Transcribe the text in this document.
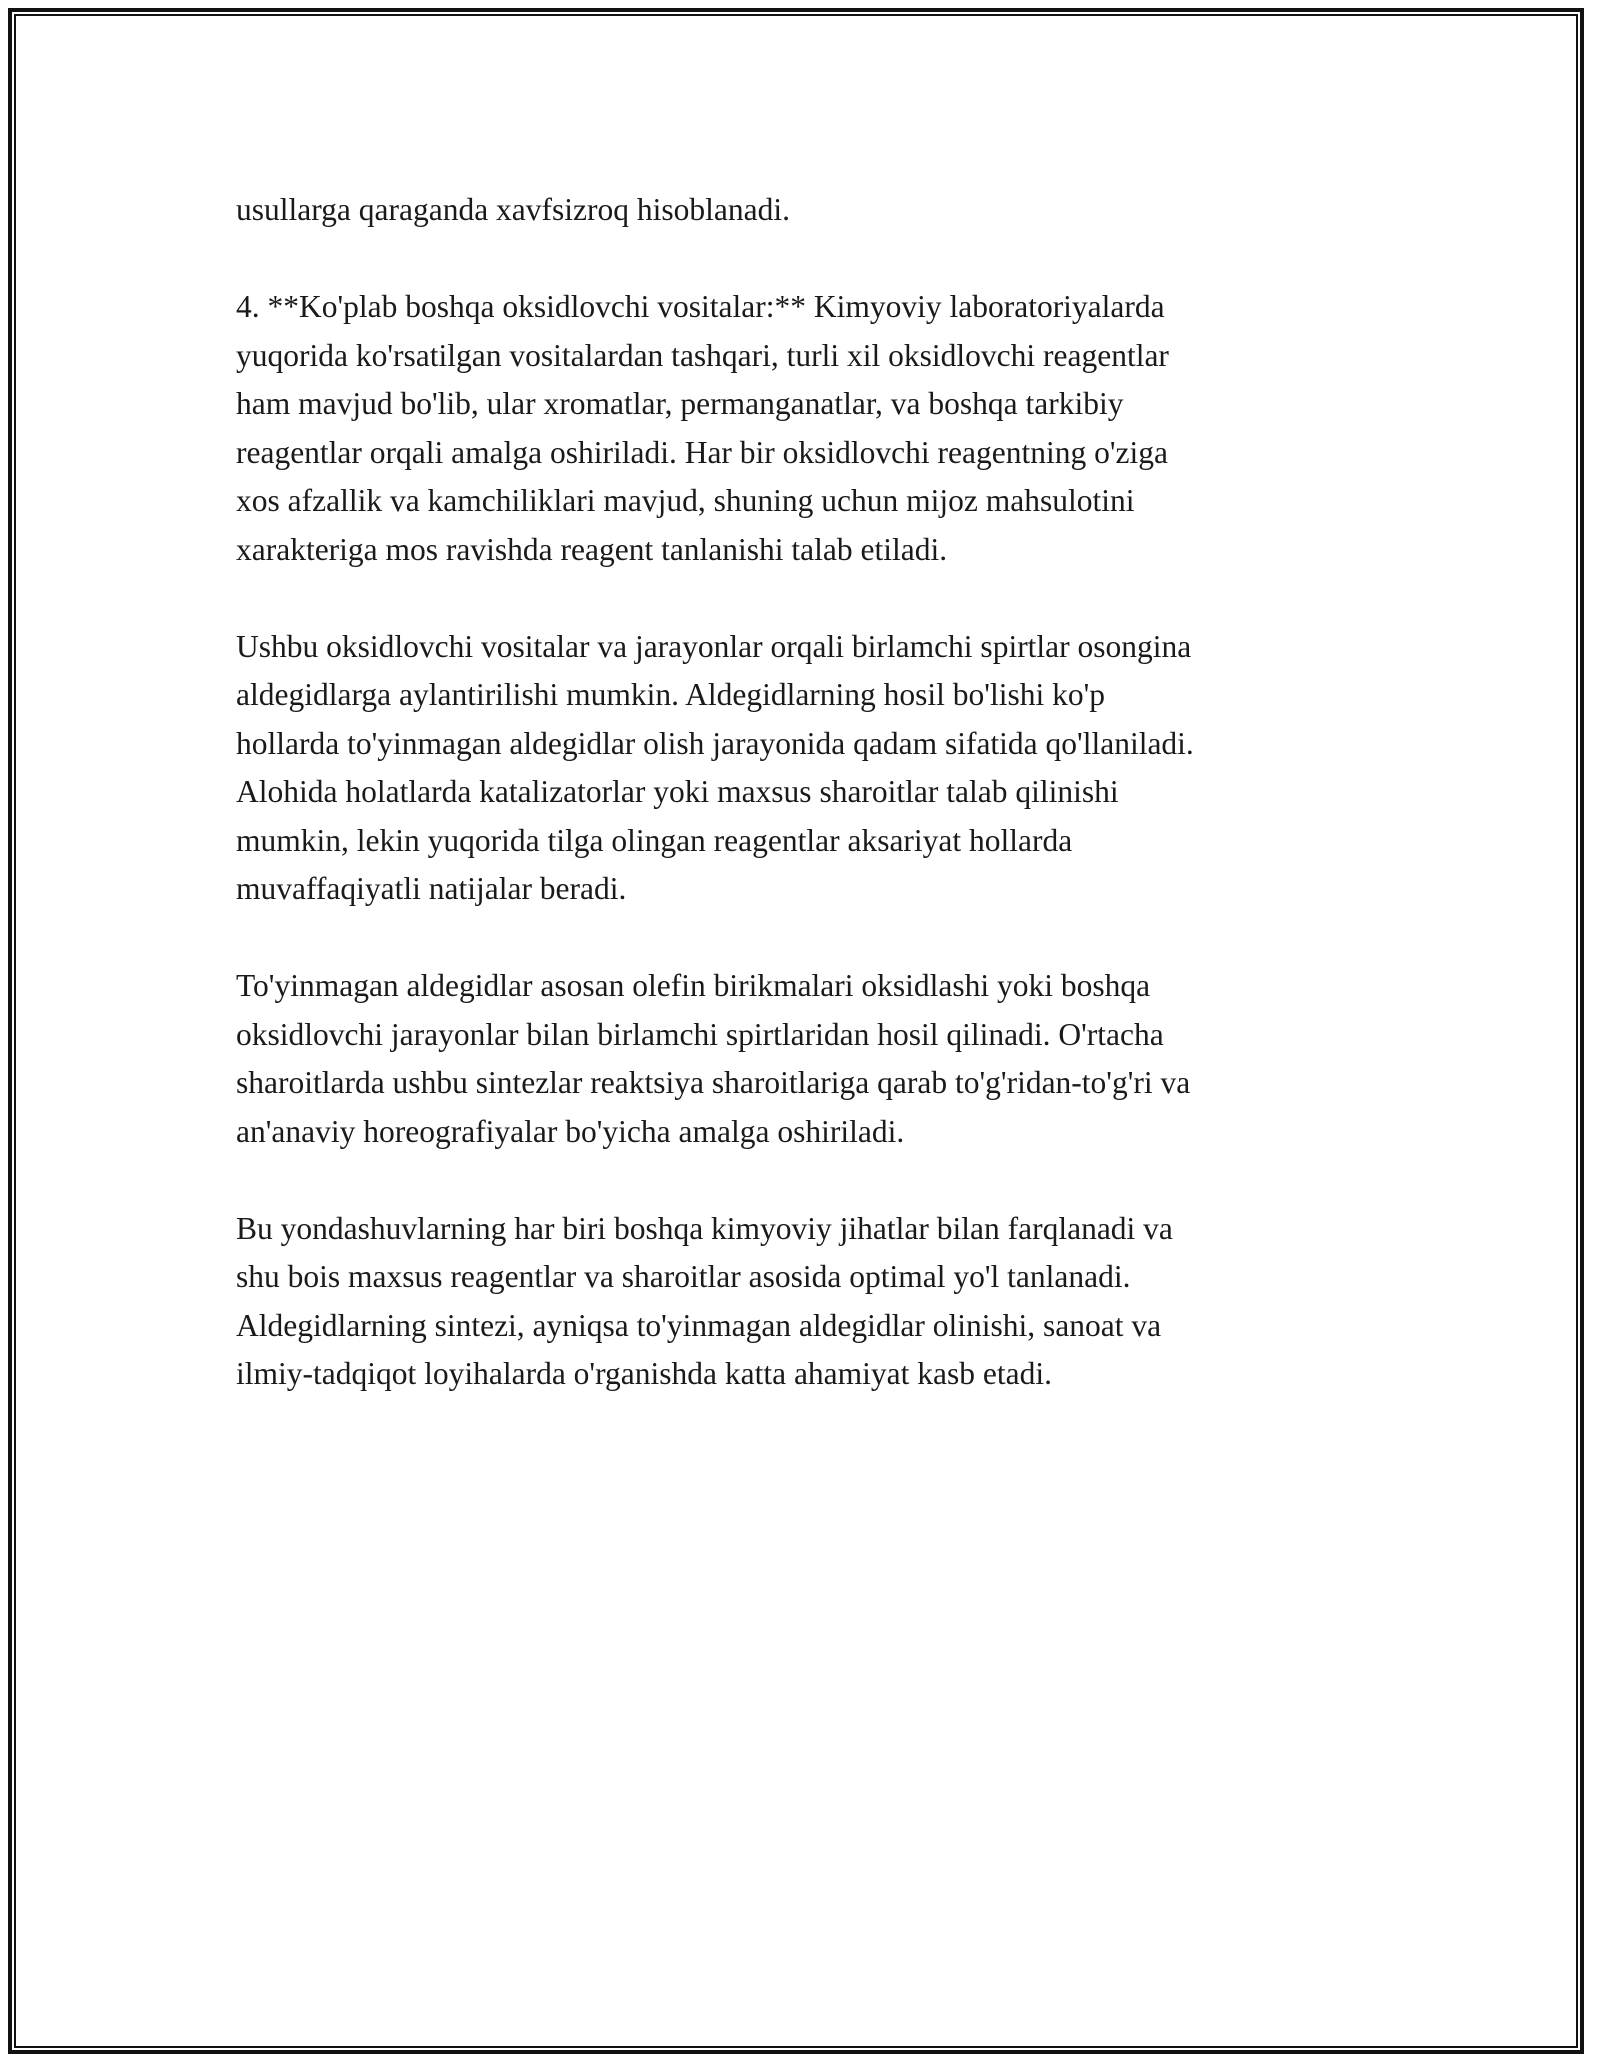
usullarga qaraganda xavfsizroq hisoblanadi.

4. **Ko'plab boshqa oksidlovchi vositalar:** Kimyoviy laboratoriyalarda
yuqorida ko'rsatilgan vositalardan tashqari, turli xil oksidlovchi reagentlar
ham mavjud bo'lib, ular xromatlar, permanganatlar, va boshqa tarkibiy
reagentlar orqali amalga oshiriladi. Har bir oksidlovchi reagentning o'ziga
xos afzallik va kamchiliklari mavjud, shuning uchun mijoz mahsulotini
xarakteriga mos ravishda reagent tanlanishi talab etiladi.

Ushbu oksidlovchi vositalar va jarayonlar orqali birlamchi spirtlar osongina
aldegidlarga aylantirilishi mumkin. Aldegidlarning hosil bo'lishi ko'p
hollarda to'yinmagan aldegidlar olish jarayonida qadam sifatida qo'llaniladi.
Alohida holatlarda katalizatorlar yoki maxsus sharoitlar talab qilinishi
mumkin, lekin yuqorida tilga olingan reagentlar aksariyat hollarda
muvaffaqiyatli natijalar beradi.

To'yinmagan aldegidlar asosan olefin birikmalari oksidlashi yoki boshqa
oksidlovchi jarayonlar bilan birlamchi spirtlaridan hosil qilinadi. O'rtacha
sharoitlarda ushbu sintezlar reaktsiya sharoitlariga qarab to'g'ridan-to'g'ri va
an'anaviy horeografiyalar bo'yicha amalga oshiriladi.

Bu yondashuvlarning har biri boshqa kimyoviy jihatlar bilan farqlanadi va
shu bois maxsus reagentlar va sharoitlar asosida optimal yo'l tanlanadi.
Aldegidlarning sintezi, ayniqsa to'yinmagan aldegidlar olinishi, sanoat va
ilmiy-tadqiqot loyihalarda o'rganishda katta ahamiyat kasb etadi.
